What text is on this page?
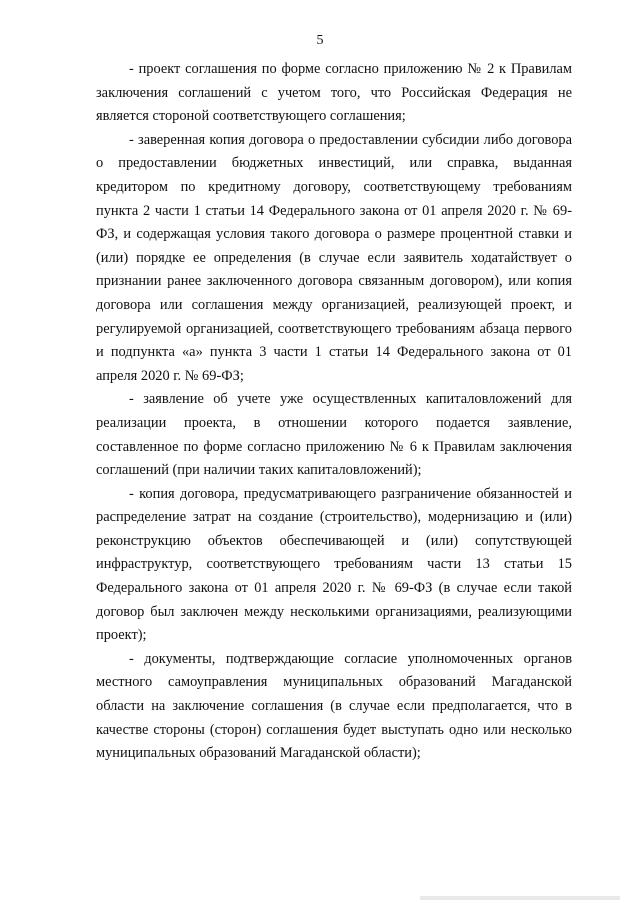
5

- проект соглашения по форме согласно приложению № 2 к Правилам заключения соглашений с учетом того, что Российская Федерация не является стороной соответствующего соглашения;

- заверенная копия договора о предоставлении субсидии либо договора о предоставлении бюджетных инвестиций, или справка, выданная кредитором по кредитному договору, соответствующему требованиям пункта 2 части 1 статьи 14 Федерального закона от 01 апреля 2020 г. № 69-ФЗ, и содержащая условия такого договора о размере процентной ставки и (или) порядке ее определения (в случае если заявитель ходатайствует о признании ранее заключенного договора связанным договором), или копия договора или соглашения между организацией, реализующей проект, и регулируемой организацией, соответствующего требованиям абзаца первого и подпункта «а» пункта 3 части 1 статьи 14 Федерального закона от 01 апреля 2020 г. № 69-ФЗ;

- заявление об учете уже осуществленных капиталовложений для реализации проекта, в отношении которого подается заявление, составленное по форме согласно приложению № 6 к Правилам заключения соглашений (при наличии таких капиталовложений);

- копия договора, предусматривающего разграничение обязанностей и распределение затрат на создание (строительство), модернизацию и (или) реконструкцию объектов обеспечивающей и (или) сопутствующей инфраструктур, соответствующего требованиям части 13 статьи 15 Федерального закона от 01 апреля 2020 г. № 69-ФЗ (в случае если такой договор был заключен между несколькими организациями, реализующими проект);

- документы, подтверждающие согласие уполномоченных органов местного самоуправления муниципальных образований Магаданской области на заключение соглашения (в случае если предполагается, что в качестве стороны (сторон) соглашения будет выступать одно или несколько муниципальных образований Магаданской области);
